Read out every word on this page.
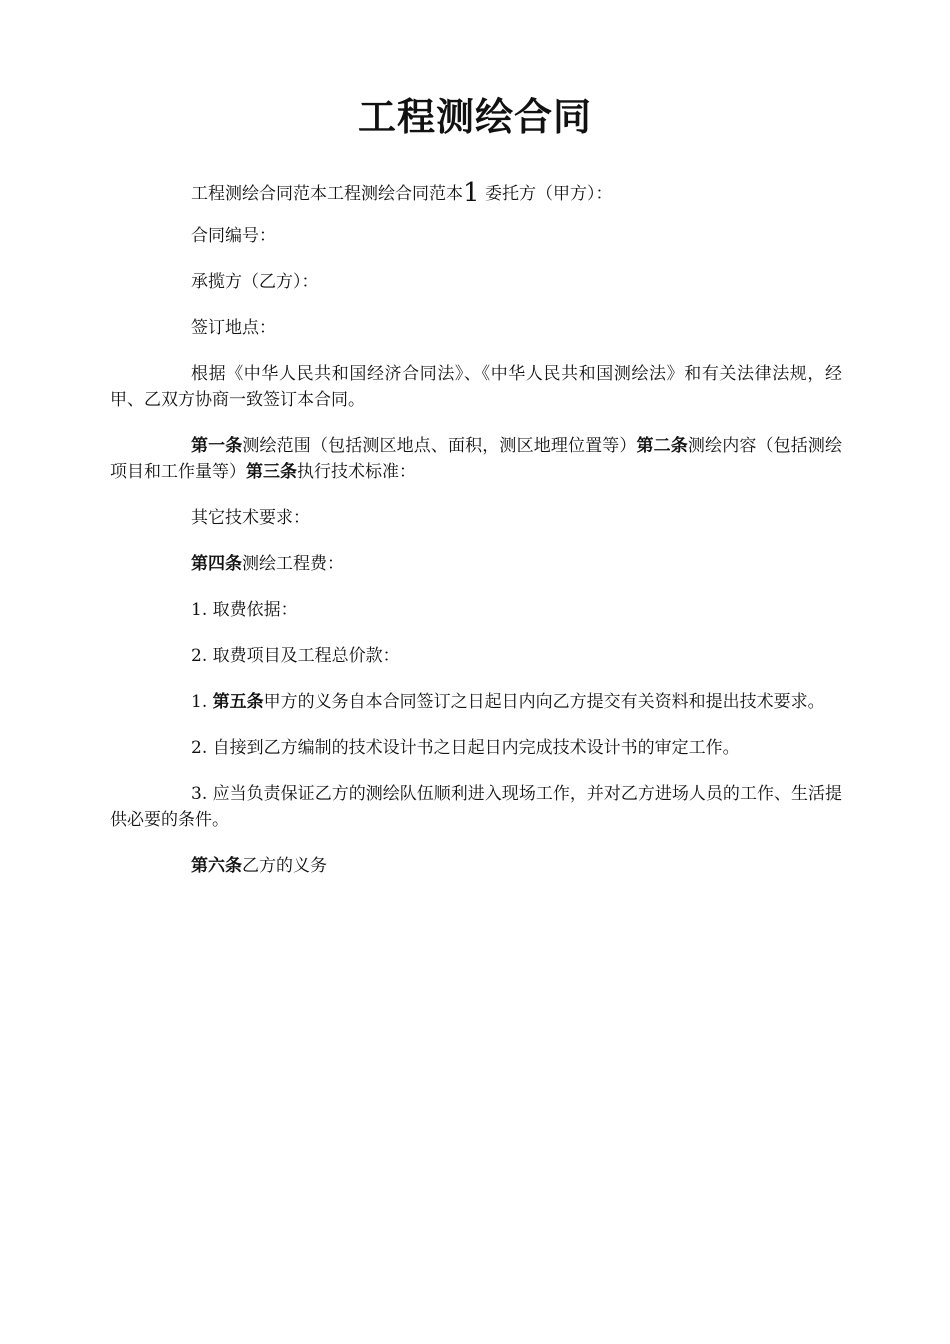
工程测绘合同

工程测绘合同范本工程测绘合同范本1 委托方（甲方）：

合同编号：

承揽方（乙方）：

签订地点：

根据《中华人民共和国经济合同法》、《中华人民共和国测绘法》和有关法律法规，经甲、乙双方协商一致签订本合同。

第一条测绘范围（包括测区地点、面积，测区地理位置等）第二条测绘内容（包括测绘项目和工作量等）第三条执行技术标准：

其它技术要求：

第四条测绘工程费：

1. 取费依据：

2. 取费项目及工程总价款：

1. 第五条甲方的义务自本合同签订之日起日内向乙方提交有关资料和提出技术要求。

2. 自接到乙方编制的技术设计书之日起日内完成技术设计书的审定工作。

3. 应当负责保证乙方的测绘队伍顺利进入现场工作，并对乙方进场人员的工作、生活提供必要的条件。

第六条乙方的义务
